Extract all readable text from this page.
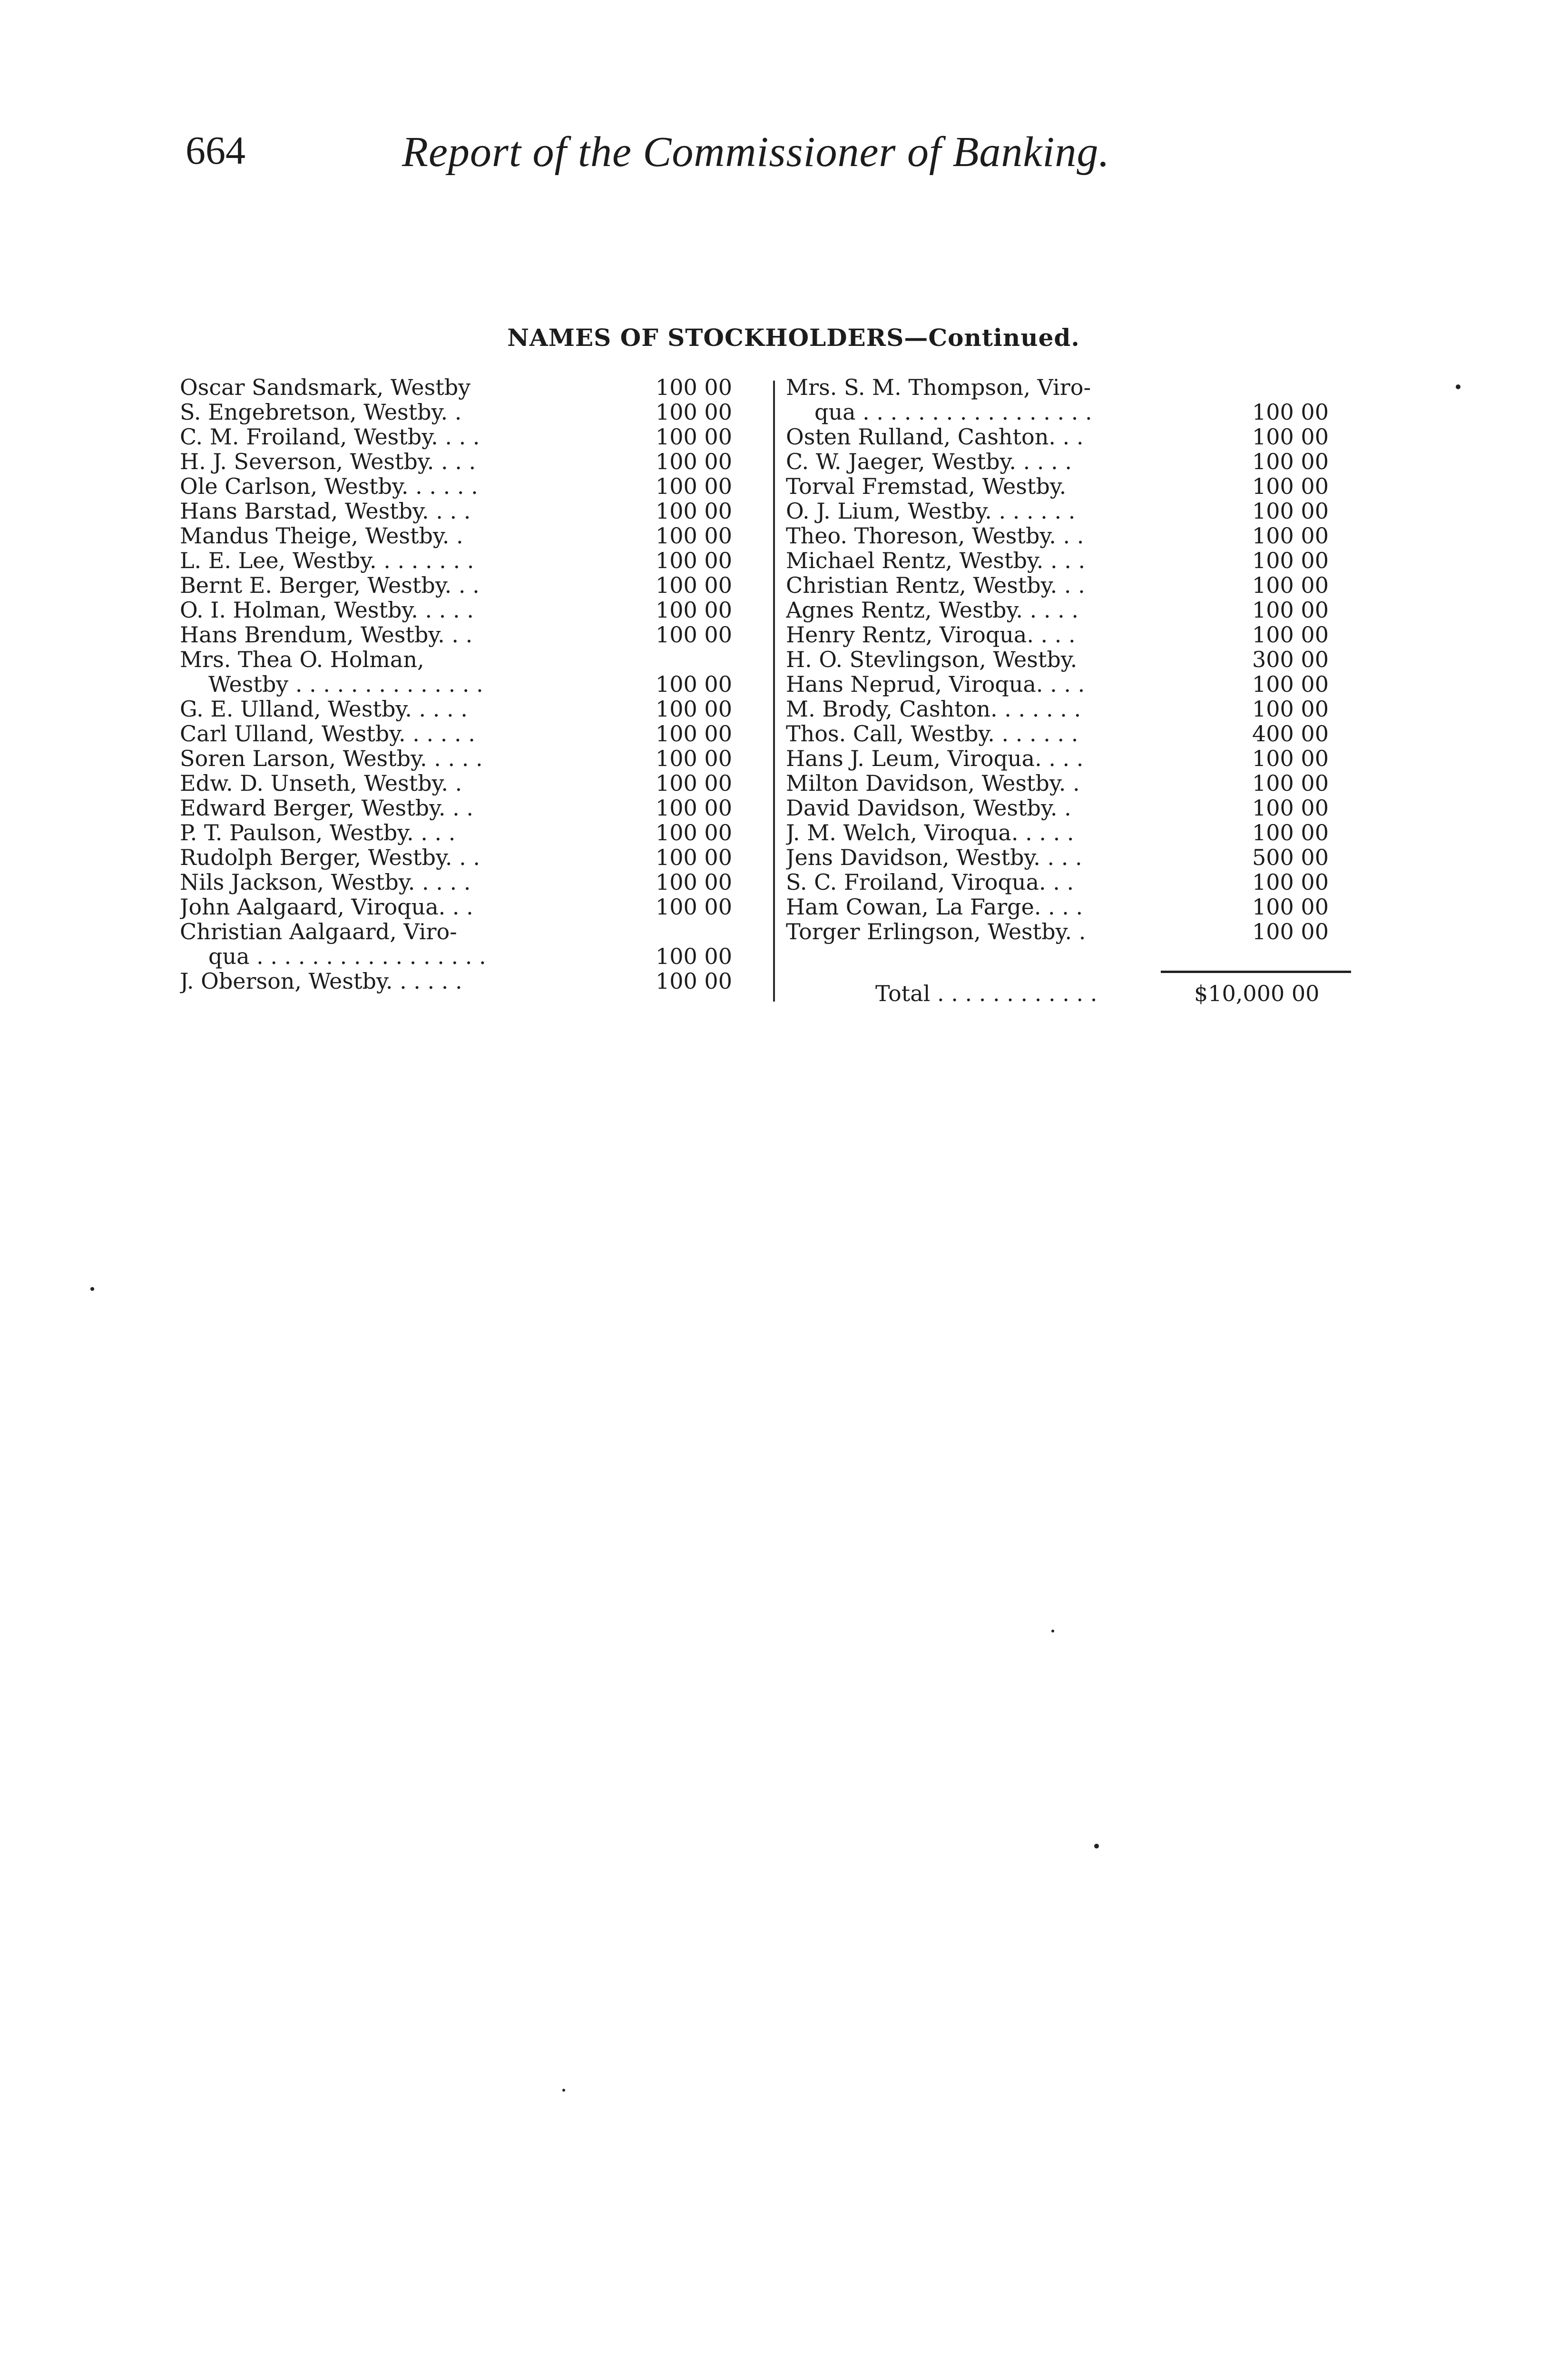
664	Report of the Commissioner of Banking.
NAMES OF STOCKHOLDERS—Continued.
Oscar Sandsmark, Westby	100 00
S. Engebretson, Westby. .	100 00
C. M. Froiland, Westby. . . .	100 00
H. J. Severson, Westby. . . .	100 00
Ole Carlson, Westby. . . . . .	100 00
Hans Barstad, Westby. . . .	100 00
Mandus Theige, Westby. .	100 00
L. E. Lee, Westby. . . . . . . .	100 00
Bernt E. Berger, Westby. . .	100 00
O. I. Holman, Westby. . . . .	100 00
Hans Brendum, Westby. . .	100 00
Mrs. Thea O. Holman,
Westby . . . . . . . . . . . . . .	100 00
G. E. Ulland, Westby. . . . .	100 00
Carl Ulland, Westby. . . . . .	100 00
Soren Larson, Westby. . . . .	100 00
Edw. D. Unseth, Westby. .	100 00
Edward Berger, Westby. . .	100 00
P. T. Paulson, Westby. . . .	100 00
Rudolph Berger, Westby. . .	100 00
Nils Jackson, Westby. . . . .	100 00
John Aalgaard, Viroqua. . .	100 00
Christian Aalgaard, Viro-
qua . . . . . . . . . . . . . . . . .	100 00
J. Oberson, Westby. . . . . .	100 00
Mrs. S. M. Thompson, Viro-
qua . . . . . . . . . . . . . . . . .	100 00
Osten Rulland, Cashton. . .	100 00
C. W. Jaeger, Westby. . . . .	100 00
Torval Fremstad, Westby.	100 00
O. J. Lium, Westby. . . . . . .	100 00
Theo. Thoreson, Westby. . .	100 00
Michael Rentz, Westby. . . .	100 00
Christian Rentz, Westby. . .	100 00
Agnes Rentz, Westby. . . . .	100 00
Henry Rentz, Viroqua. . . .	100 00
H. O. Stevlingson, Westby.	300 00
Hans Neprud, Viroqua. . . .	100 00
M. Brody, Cashton. . . . . . .	100 00
Thos. Call, Westby. . . . . . .	400 00
Hans J. Leum, Viroqua. . . .	100 00
Milton Davidson, Westby. .	100 00
David Davidson, Westby. .	100 00
J. M. Welch, Viroqua. . . . .	100 00
Jens Davidson, Westby. . . .	500 00
S. C. Froiland, Viroqua. . .	100 00
Ham Cowan, La Farge. . . .	100 00
Torger Erlingson, Westby. .	100 00
Total . . . . . . . . . . . .	$10,000 00
